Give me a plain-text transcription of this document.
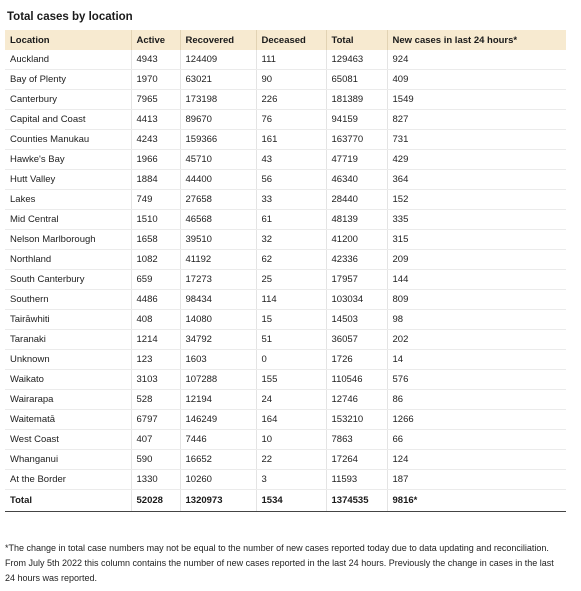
Total cases by location
Location	Active	Recovered	Deceased	Total	New cases in last 24 hours*
Auckland	4943	124409	111	129463	924
Bay of Plenty	1970	63021	90	65081	409
Canterbury	7965	173198	226	181389	1549
Capital and Coast	4413	89670	76	94159	827
Counties Manukau	4243	159366	161	163770	731
Hawke's Bay	1966	45710	43	47719	429
Hutt Valley	1884	44400	56	46340	364
Lakes	749	27658	33	28440	152
Mid Central	1510	46568	61	48139	335
Nelson Marlborough	1658	39510	32	41200	315
Northland	1082	41192	62	42336	209
South Canterbury	659	17273	25	17957	144
Southern	4486	98434	114	103034	809
Tairāwhiti	408	14080	15	14503	98
Taranaki	1214	34792	51	36057	202
Unknown	123	1603	0	1726	14
Waikato	3103	107288	155	110546	576
Wairarapa	528	12194	24	12746	86
Waitematā	6797	146249	164	153210	1266
West Coast	407	7446	10	7863	66
Whanganui	590	16652	22	17264	124
At the Border	1330	10260	3	11593	187
Total	52028	1320973	1534	1374535	9816*
*The change in total case numbers may not be equal to the number of new cases reported today due to data updating and reconciliation. From July 5th 2022 this column contains the number of new cases reported in the last 24 hours. Previously the change in cases in the last 24 hours was reported.
